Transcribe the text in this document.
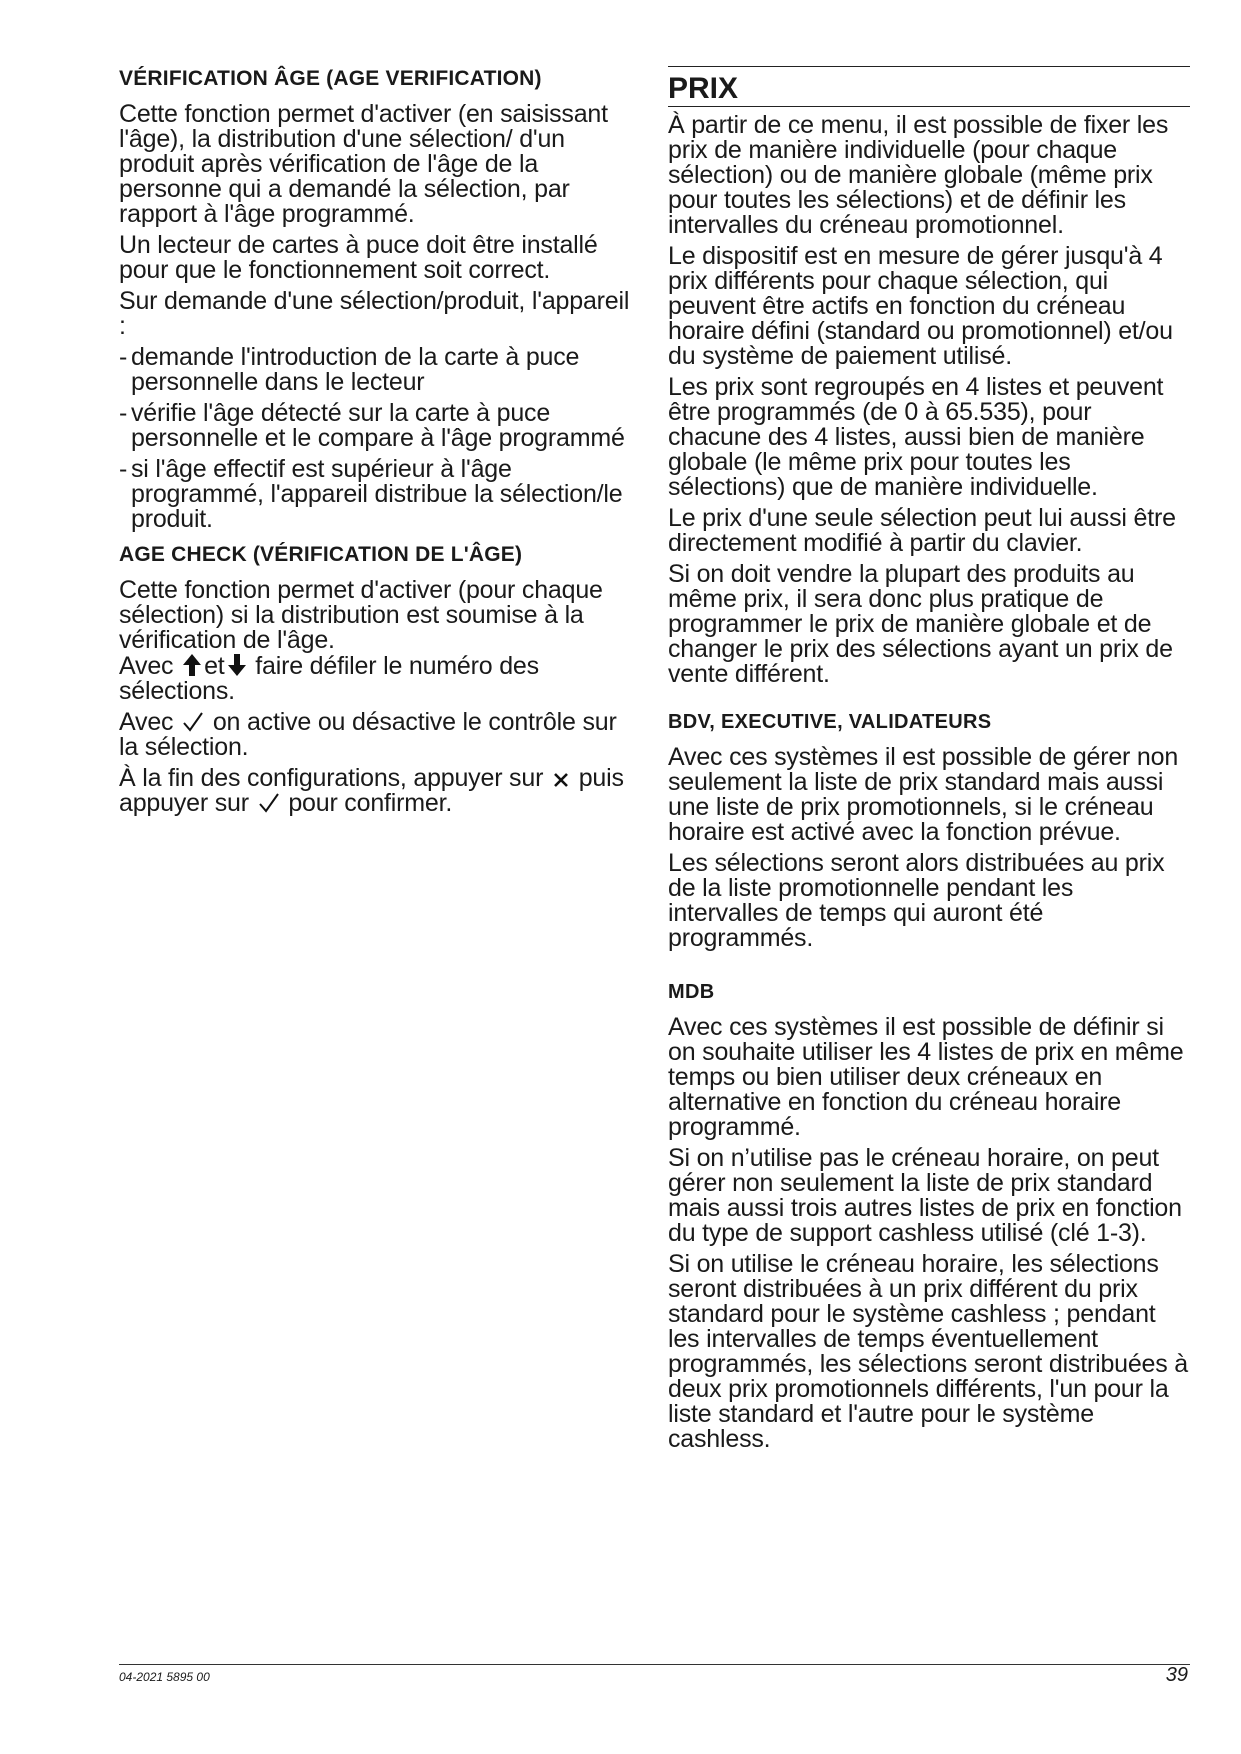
VÉRIFICATION ÂGE (AGE VERIFICATION)

Cette fonction permet d'activer (en saisissant l'âge), la distribution d'une sélection/ d'un produit après vérification de l'âge de la personne qui a demandé la sélection, par rapport à l'âge programmé.

Un lecteur de cartes à puce doit être installé pour que le fonctionnement soit correct.

Sur demande d'une sélection/produit, l'appareil :

- demande l'introduction de la carte à puce personnelle dans le lecteur
- vérifie l'âge détecté sur la carte à puce personnelle et le compare à l'âge programmé
- si l'âge effectif est supérieur à l'âge programmé, l'appareil distribue la sélection/le produit.
AGE CHECK (VÉRIFICATION DE L'ÂGE)

Cette fonction permet d'activer (pour chaque sélection) si la distribution est soumise à la vérification de l'âge.

Avec et faire défiler le numéro des sélections.

Avec on active ou désactive le contrôle sur la sélection.

À la fin des configurations, appuyer sur puis appuyer sur pour confirmer.

PRIX

À partir de ce menu, il est possible de fixer les prix de manière individuelle (pour chaque sélection) ou de manière globale (même prix pour toutes les sélections) et de définir les intervalles du créneau promotionnel.

Le dispositif est en mesure de gérer jusqu'à 4 prix différents pour chaque sélection, qui peuvent être actifs en fonction du créneau horaire défini (standard ou promotionnel) et/ou du système de paiement utilisé.

Les prix sont regroupés en 4 listes et peuvent être programmés (de 0 à 65.535), pour chacune des 4 listes, aussi bien de manière globale (le même prix pour toutes les sélections) que de manière individuelle.

Le prix d'une seule sélection peut lui aussi être directement modifié à partir du clavier.

Si on doit vendre la plupart des produits au même prix, il sera donc plus pratique de programmer le prix de manière globale et de changer le prix des sélections ayant un prix de vente différent.

BDV, EXECUTIVE, VALIDATEURS

Avec ces systèmes il est possible de gérer non seulement la liste de prix standard mais aussi une liste de prix promotionnels, si le créneau horaire est activé avec la fonction prévue.

Les sélections seront alors distribuées au prix de la liste promotionnelle pendant les intervalles de temps qui auront été programmés.

MDB

Avec ces systèmes il est possible de définir si on souhaite utiliser les 4 listes de prix en même temps ou bien utiliser deux créneaux en alternative en fonction du créneau horaire programmé.

Si on n’utilise pas le créneau horaire, on peut gérer non seulement la liste de prix standard mais aussi trois autres listes de prix en fonction du type de support cashless utilisé (clé 1-3).

Si on utilise le créneau horaire, les sélections seront distribuées à un prix différent du prix standard pour le système cashless ; pendant les intervalles de temps éventuellement programmés, les sélections seront distribuées à deux prix promotionnels différents, l'un pour la liste standard et l'autre pour le système cashless.

04-2021 5895 00	39
